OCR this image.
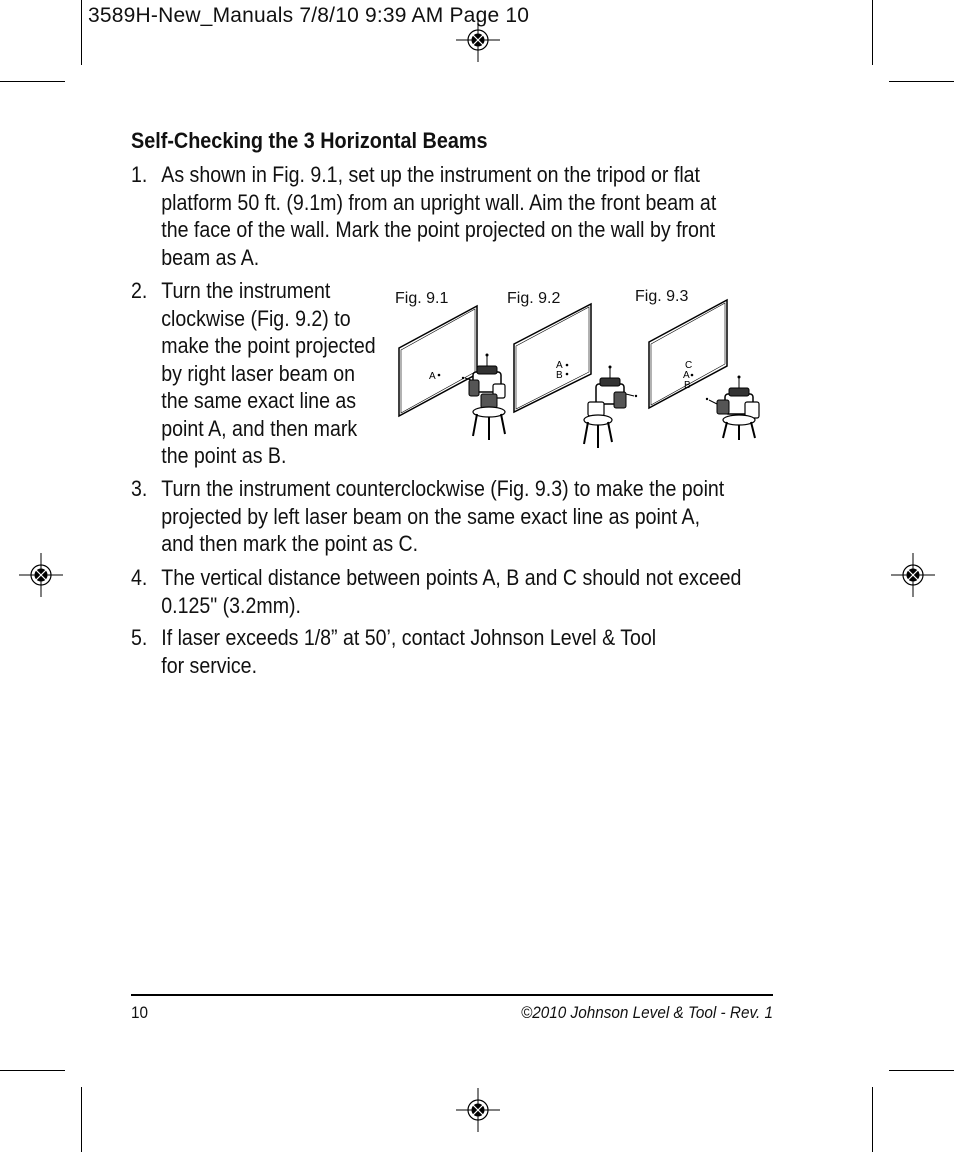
3589H-New_Manuals 7/8/10 9:39 AM Page 10
Self-Checking the 3 Horizontal Beams
1. As shown in Fig. 9.1, set up the instrument on the tripod or flat
platform 50 ft. (9.1m) from an upright wall. Aim the front beam at
the face of the wall. Mark the point projected on the wall by front
beam as A.
2. Turn the instrument
clockwise (Fig. 9.2) to
make the point projected
by right laser beam on
the same exact line as
point A, and then mark
the point as B.
Fig. 9.1	Fig. 9.2	Fig. 9.3
A
A
B
C
A
B
3. Turn the instrument counterclockwise (Fig. 9.3) to make the point
projected by left laser beam on the same exact line as point A,
and then mark the point as C.
4. The vertical distance between points A, B and C should not exceed
0.125" (3.2mm).
5. If laser exceeds 1/8” at 50’, contact Johnson Level & Tool
for service.
10	©2010 Johnson Level & Tool - Rev. 1
